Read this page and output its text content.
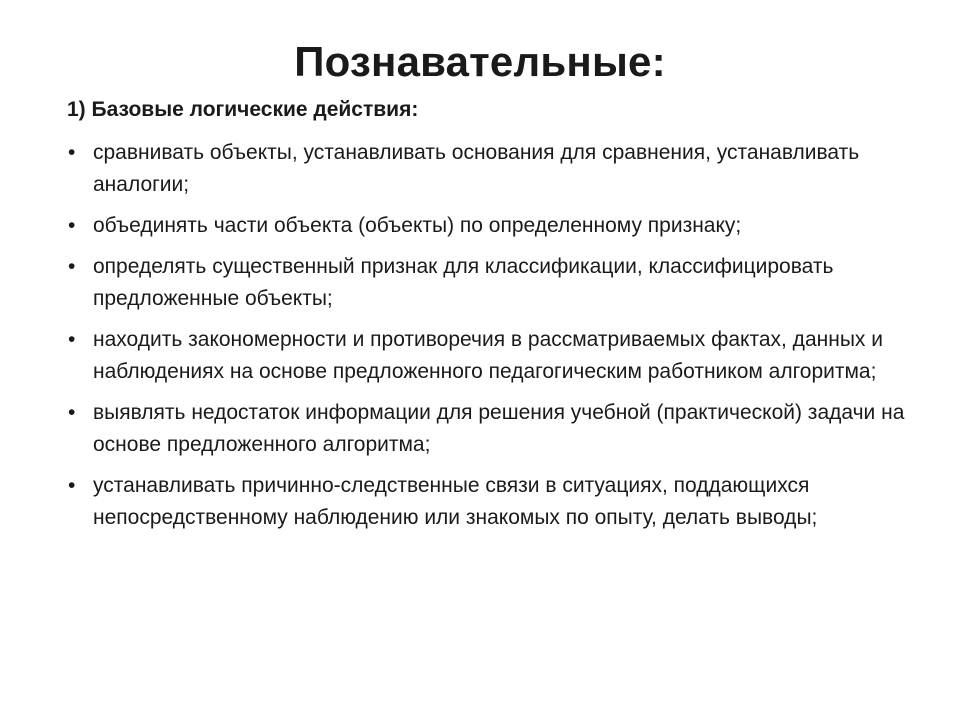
Познавательные:
1) Базовые логические действия:
• сравнивать объекты, устанавливать основания для сравнения, устанавливать аналогии;
• объединять части объекта (объекты) по определенному признаку;
• определять существенный признак для классификации, классифицировать предложенные объекты;
• находить закономерности и противоречия в рассматриваемых фактах, данных и наблюдениях на основе предложенного педагогическим работником алгоритма;
• выявлять недостаток информации для решения учебной (практической) задачи на основе предложенного алгоритма;
• устанавливать причинно-следственные связи в ситуациях, поддающихся непосредственному наблюдению или знакомых по опыту, делать выводы;
